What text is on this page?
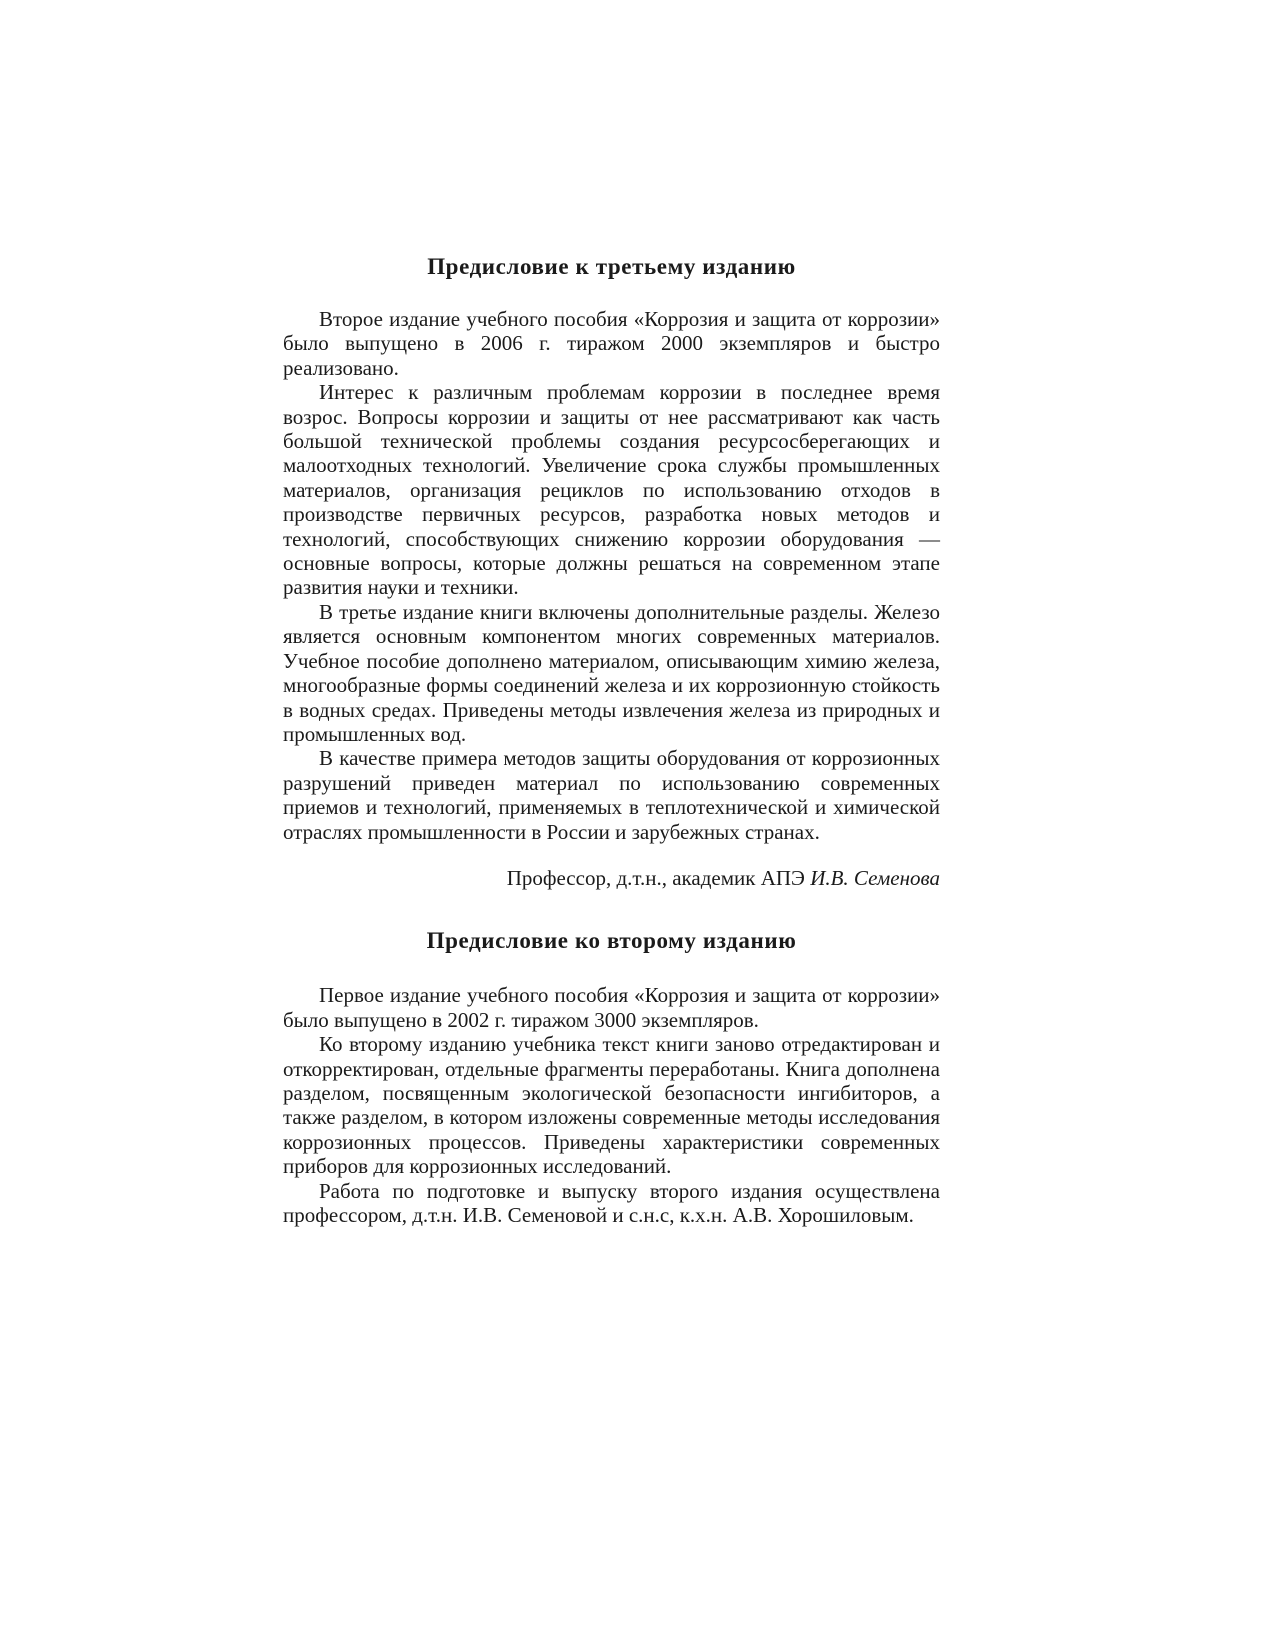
Предисловие к третьему изданию

Второе издание учебного пособия «Коррозия и защита от коррозии» было выпущено в 2006 г. тиражом 2000 экземпляров и быстро реализовано.

Интерес к различным проблемам коррозии в последнее время возрос. Вопросы коррозии и защиты от нее рассматривают как часть большой технической проблемы создания ресурсосберегающих и малоотходных технологий. Увеличение срока службы промышленных материалов, организация рециклов по использованию отходов в производстве первичных ресурсов, разработка новых методов и технологий, способствующих снижению коррозии оборудования — основные вопросы, которые должны решаться на современном этапе развития науки и техники.

В третье издание книги включены дополнительные разделы. Железо является основным компонентом многих современных материалов. Учебное пособие дополнено материалом, описывающим химию железа, многообразные формы соединений железа и их коррозионную стойкость в водных средах. Приведены методы извлечения железа из природных и промышленных вод.

В качестве примера методов защиты оборудования от коррозионных разрушений приведен материал по использованию современных приемов и технологий, применяемых в теплотехнической и химической отраслях промышленности в России и зарубежных странах.

Профессор, д.т.н., академик АПЭ И.В. Семенова

Предисловие ко второму изданию

Первое издание учебного пособия «Коррозия и защита от коррозии» было выпущено в 2002 г. тиражом 3000 экземпляров.

Ко второму изданию учебника текст книги заново отредактирован и откорректирован, отдельные фрагменты переработаны. Книга дополнена разделом, посвященным экологической безопасности ингибиторов, а также разделом, в котором изложены современные методы исследования коррозионных процессов. Приведены характеристики современных приборов для коррозионных исследований.

Работа по подготовке и выпуску второго издания осуществлена профессором, д.т.н. И.В. Семеновой и с.н.с, к.х.н. А.В. Хорошиловым.
